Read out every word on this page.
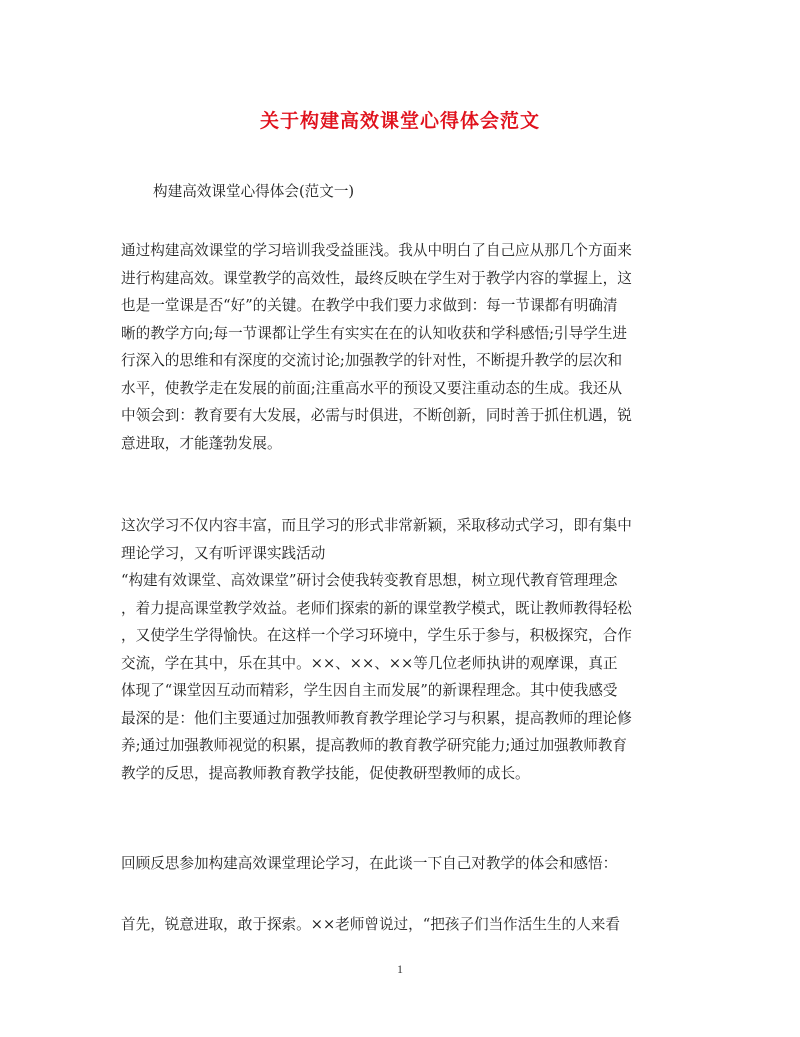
关于构建高效课堂心得体会范文

构建高效课堂心得体会(范文一)

通过构建高效课堂的学习培训我受益匪浅。我从中明白了自己应从那几个方面来
进行构建高效。课堂教学的高效性，最终反映在学生对于教学内容的掌握上，这
也是一堂课是否“好”的关键。在教学中我们要力求做到：每一节课都有明确清
晰的教学方向;每一节课都让学生有实实在在的认知收获和学科感悟;引导学生进
行深入的思维和有深度的交流讨论;加强教学的针对性，不断提升教学的层次和
水平，使教学走在发展的前面;注重高水平的预设又要注重动态的生成。我还从
中领会到：教育要有大发展，必需与时俱进，不断创新，同时善于抓住机遇，锐
意进取，才能蓬勃发展。
这次学习不仅内容丰富，而且学习的形式非常新颖，采取移动式学习，即有集中
理论学习，又有听评课实践活动
“构建有效课堂、高效课堂”研讨会使我转变教育思想，树立现代教育管理理念
，着力提高课堂教学效益。老师们探索的新的课堂教学模式，既让教师教得轻松
，又使学生学得愉快。在这样一个学习环境中，学生乐于参与，积极探究，合作
交流，学在其中，乐在其中。××、××、××等几位老师执讲的观摩课，真正
体现了“课堂因互动而精彩，学生因自主而发展”的新课程理念。其中使我感受
最深的是：他们主要通过加强教师教育教学理论学习与积累，提高教师的理论修
养;通过加强教师视觉的积累，提高教师的教育教学研究能力;通过加强教师教育
教学的反思，提高教师教育教学技能，促使教研型教师的成长。

回顾反思参加构建高效课堂理论学习，在此谈一下自己对教学的体会和感悟：

首先，锐意进取，敢于探索。××老师曾说过，“把孩子们当作活生生的人来看

1
